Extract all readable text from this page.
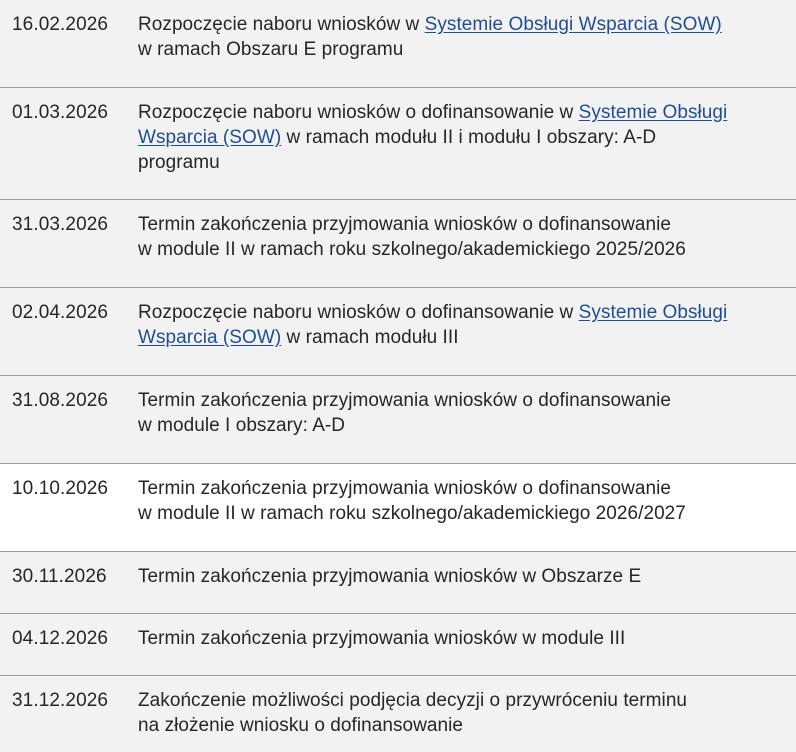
16.02.2026 Rozpoczęcie naboru wniosków w Systemie Obsługi Wsparcia (SOW)
w ramach Obszaru E programu
01.03.2026 Rozpoczęcie naboru wniosków o dofinansowanie w Systemie Obsługi
Wsparcia (SOW) w ramach modułu II i modułu I obszary: A-D
programu
31.03.2026 Termin zakończenia przyjmowania wniosków o dofinansowanie
w module II w ramach roku szkolnego/akademickiego 2025/2026
02.04.2026 Rozpoczęcie naboru wniosków o dofinansowanie w Systemie Obsługi
Wsparcia (SOW) w ramach modułu III
31.08.2026 Termin zakończenia przyjmowania wniosków o dofinansowanie
w module I obszary: A-D
10.10.2026 Termin zakończenia przyjmowania wniosków o dofinansowanie
w module II w ramach roku szkolnego/akademickiego 2026/2027
30.11.2026 Termin zakończenia przyjmowania wniosków w Obszarze E
04.12.2026 Termin zakończenia przyjmowania wniosków w module III
31.12.2026 Zakończenie możliwości podjęcia decyzji o przywróceniu terminu
na złożenie wniosku o dofinansowanie
